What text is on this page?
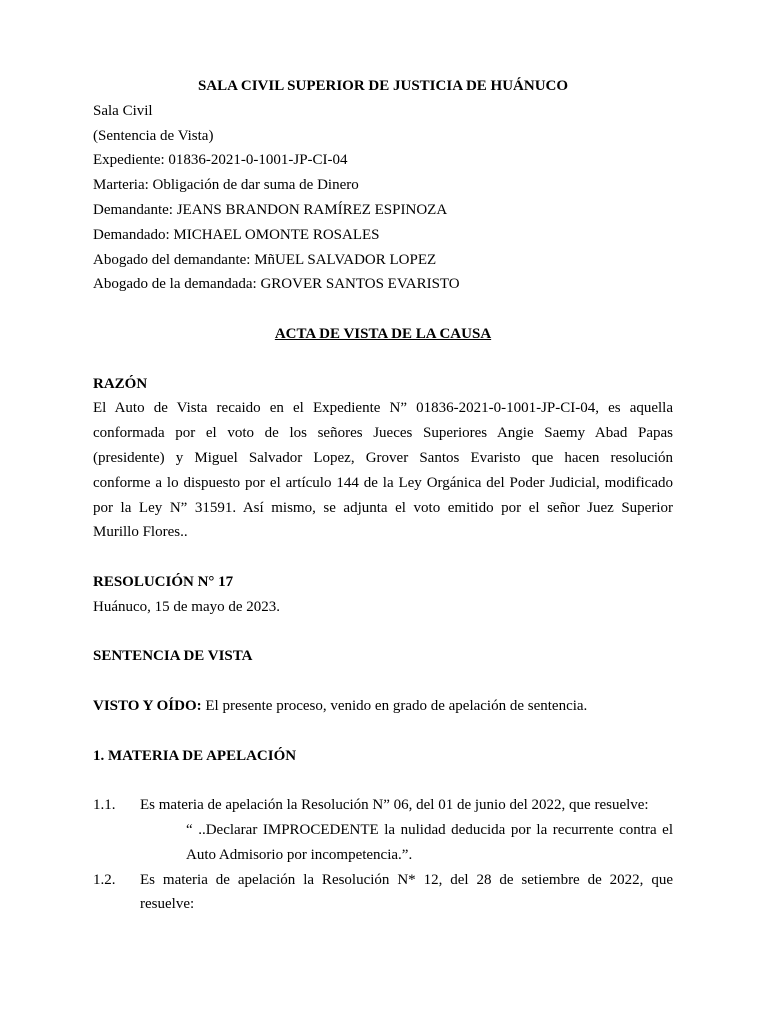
SALA CIVIL SUPERIOR DE JUSTICIA DE HUÁNUCO
Sala Civil
(Sentencia de Vista)
Expediente: 01836-2021-0-1001-JP-CI-04
Marteria: Obligación de dar suma de Dinero
Demandante: JEANS BRANDON RAMÍREZ ESPINOZA
Demandado: MICHAEL OMONTE ROSALES
Abogado del demandante: MñUEL SALVADOR LOPEZ
Abogado de la demandada: GROVER SANTOS EVARISTO
ACTA DE VISTA DE LA CAUSA
RAZÓN
El Auto de Vista recaido en el Expediente N” 01836-2021-0-1001-JP-CI-04, es aquella
conformada por el voto de los señores Jueces Superiores Angie Saemy Abad Papas
(presidente) y Miguel Salvador Lopez, Grover Santos Evaristo que hacen resolución
conforme a lo dispuesto por el artículo 144 de la Ley Orgánica del Poder Judicial, modificado
por la Ley N” 31591. Así mismo, se adjunta el voto emitido por el señor Juez Superior
Murillo Flores..
RESOLUCIÓN N° 17
Huánuco, 15 de mayo de 2023.
SENTENCIA DE VISTA
VISTO Y OÍDO: El presente proceso, venido en grado de apelación de sentencia.
1. MATERIA DE APELACIÓN
1.1. Es materia de apelación la Resolución N” 06, del 01 de junio del 2022, que resuelve:
“ ..Declarar IMPROCEDENTE la nulidad deducida por la recurrente contra el
Auto Admisorio por incompetencia.”.
1.2. Es materia de apelación la Resolución N* 12, del 28 de setiembre de 2022, que
resuelve:
